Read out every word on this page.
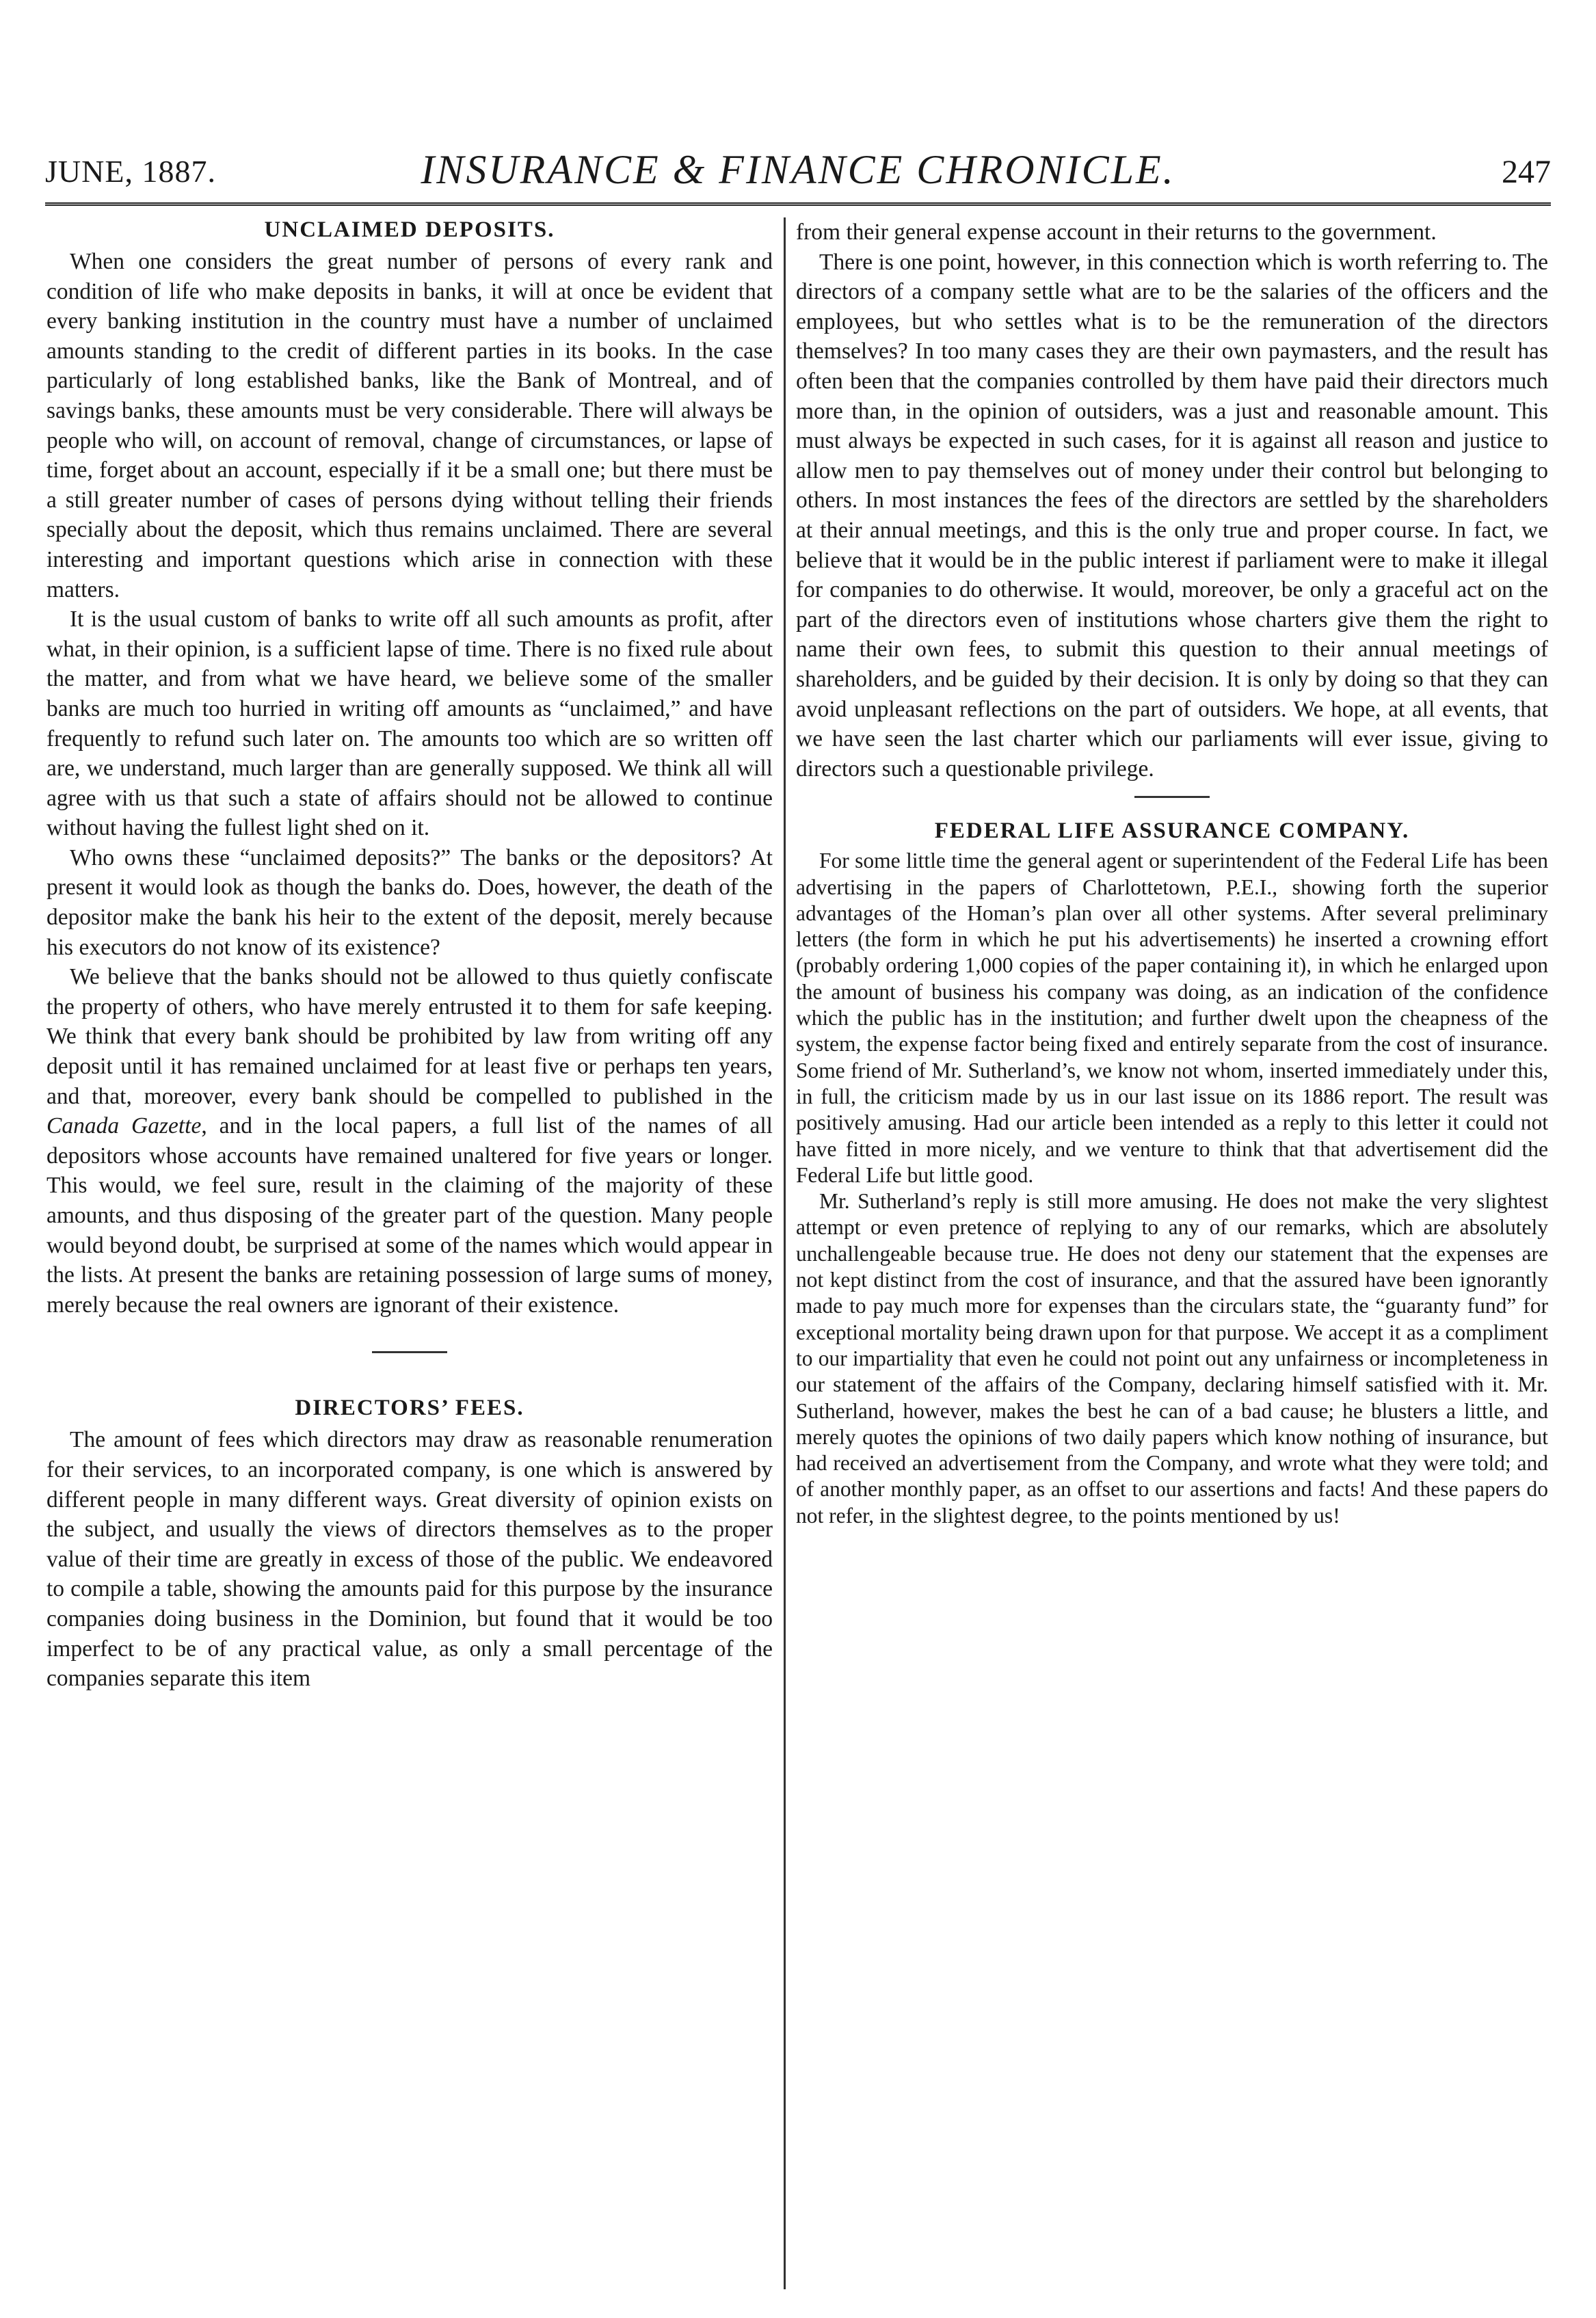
JUNE, 1887.	INSURANCE & FINANCE CHRONICLE.	247
UNCLAIMED DEPOSITS.

When one considers the great number of persons of every rank and condition of life who make deposits in banks, it will at once be evident that every banking institution in the country must have a number of unclaimed amounts standing to the credit of different parties in its books. In the case particularly of long established banks, like the Bank of Montreal, and of savings banks, these amounts must be very considerable. There will always be people who will, on account of removal, change of circumstances, or lapse of time, forget about an account, especially if it be a small one; but there must be a still greater number of cases of persons dying without telling their friends specially about the deposit, which thus remains unclaimed. There are several interesting and important questions which arise in connection with these matters.

It is the usual custom of banks to write off all such amounts as profit, after what, in their opinion, is a sufficient lapse of time. There is no fixed rule about the matter, and from what we have heard, we believe some of the smaller banks are much too hurried in writing off amounts as “unclaimed,” and have frequently to refund such later on. The amounts too which are so written off are, we understand, much larger than are generally supposed. We think all will agree with us that such a state of affairs should not be allowed to continue without having the fullest light shed on it.

Who owns these “unclaimed deposits?” The banks or the depositors? At present it would look as though the banks do. Does, however, the death of the depositor make the bank his heir to the extent of the deposit, merely because his executors do not know of its existence?

We believe that the banks should not be allowed to thus quietly confiscate the property of others, who have merely entrusted it to them for safe keeping. We think that every bank should be prohibited by law from writing off any deposit until it has remained unclaimed for at least five or perhaps ten years, and that, moreover, every bank should be compelled to published in the Canada Gazette, and in the local papers, a full list of the names of all depositors whose accounts have remained unaltered for five years or longer. This would, we feel sure, result in the claiming of the majority of these amounts, and thus disposing of the greater part of the question. Many people would beyond doubt, be surprised at some of the names which would appear in the lists. At present the banks are retaining possession of large sums of money, merely because the real owners are ignorant of their existence.

DIRECTORS’ FEES.

The amount of fees which directors may draw as reasonable renumeration for their services, to an incorporated company, is one which is answered by different people in many different ways. Great diversity of opinion exists on the subject, and usually the views of directors themselves as to the proper value of their time are greatly in excess of those of the public. We endeavored to compile a table, showing the amounts paid for this purpose by the insurance companies doing business in the Dominion, but found that it would be too imperfect to be of any practical value, as only a small percentage of the companies separate this item

from their general expense account in their returns to the government.

There is one point, however, in this connection which is worth referring to. The directors of a company settle what are to be the salaries of the officers and the employees, but who settles what is to be the remuneration of the directors themselves? In too many cases they are their own paymasters, and the result has often been that the companies controlled by them have paid their directors much more than, in the opinion of outsiders, was a just and reasonable amount. This must always be expected in such cases, for it is against all reason and justice to allow men to pay themselves out of money under their control but belonging to others. In most instances the fees of the directors are settled by the shareholders at their annual meetings, and this is the only true and proper course. In fact, we believe that it would be in the public interest if parliament were to make it illegal for companies to do otherwise. It would, moreover, be only a graceful act on the part of the directors even of institutions whose charters give them the right to name their own fees, to submit this question to their annual meetings of shareholders, and be guided by their decision. It is only by doing so that they can avoid unpleasant reflections on the part of outsiders. We hope, at all events, that we have seen the last charter which our parliaments will ever issue, giving to directors such a questionable privilege.

FEDERAL LIFE ASSURANCE COMPANY.

For some little time the general agent or superintendent of the Federal Life has been advertising in the papers of Charlottetown, P.E.I., showing forth the superior advantages of the Homan’s plan over all other systems. After several preliminary letters (the form in which he put his advertisements) he inserted a crowning effort (probably ordering 1,000 copies of the paper containing it), in which he enlarged upon the amount of business his company was doing, as an indication of the confidence which the public has in the institution; and further dwelt upon the cheapness of the system, the expense factor being fixed and entirely separate from the cost of insurance. Some friend of Mr. Sutherland’s, we know not whom, inserted immediately under this, in full, the criticism made by us in our last issue on its 1886 report. The result was positively amusing. Had our article been intended as a reply to this letter it could not have fitted in more nicely, and we venture to think that that advertisement did the Federal Life but little good.

Mr. Sutherland’s reply is still more amusing. He does not make the very slightest attempt or even pretence of replying to any of our remarks, which are absolutely unchallengeable because true. He does not deny our statement that the expenses are not kept distinct from the cost of insurance, and that the assured have been ignorantly made to pay much more for expenses than the circulars state, the “guaranty fund” for exceptional mortality being drawn upon for that purpose. We accept it as a compliment to our impartiality that even he could not point out any unfairness or incompleteness in our statement of the affairs of the Company, declaring himself satisfied with it. Mr. Sutherland, however, makes the best he can of a bad cause; he blusters a little, and merely quotes the opinions of two daily papers which know nothing of insurance, but had received an advertisement from the Company, and wrote what they were told; and of another monthly paper, as an offset to our assertions and facts! And these papers do not refer, in the slightest degree, to the points mentioned by us!
